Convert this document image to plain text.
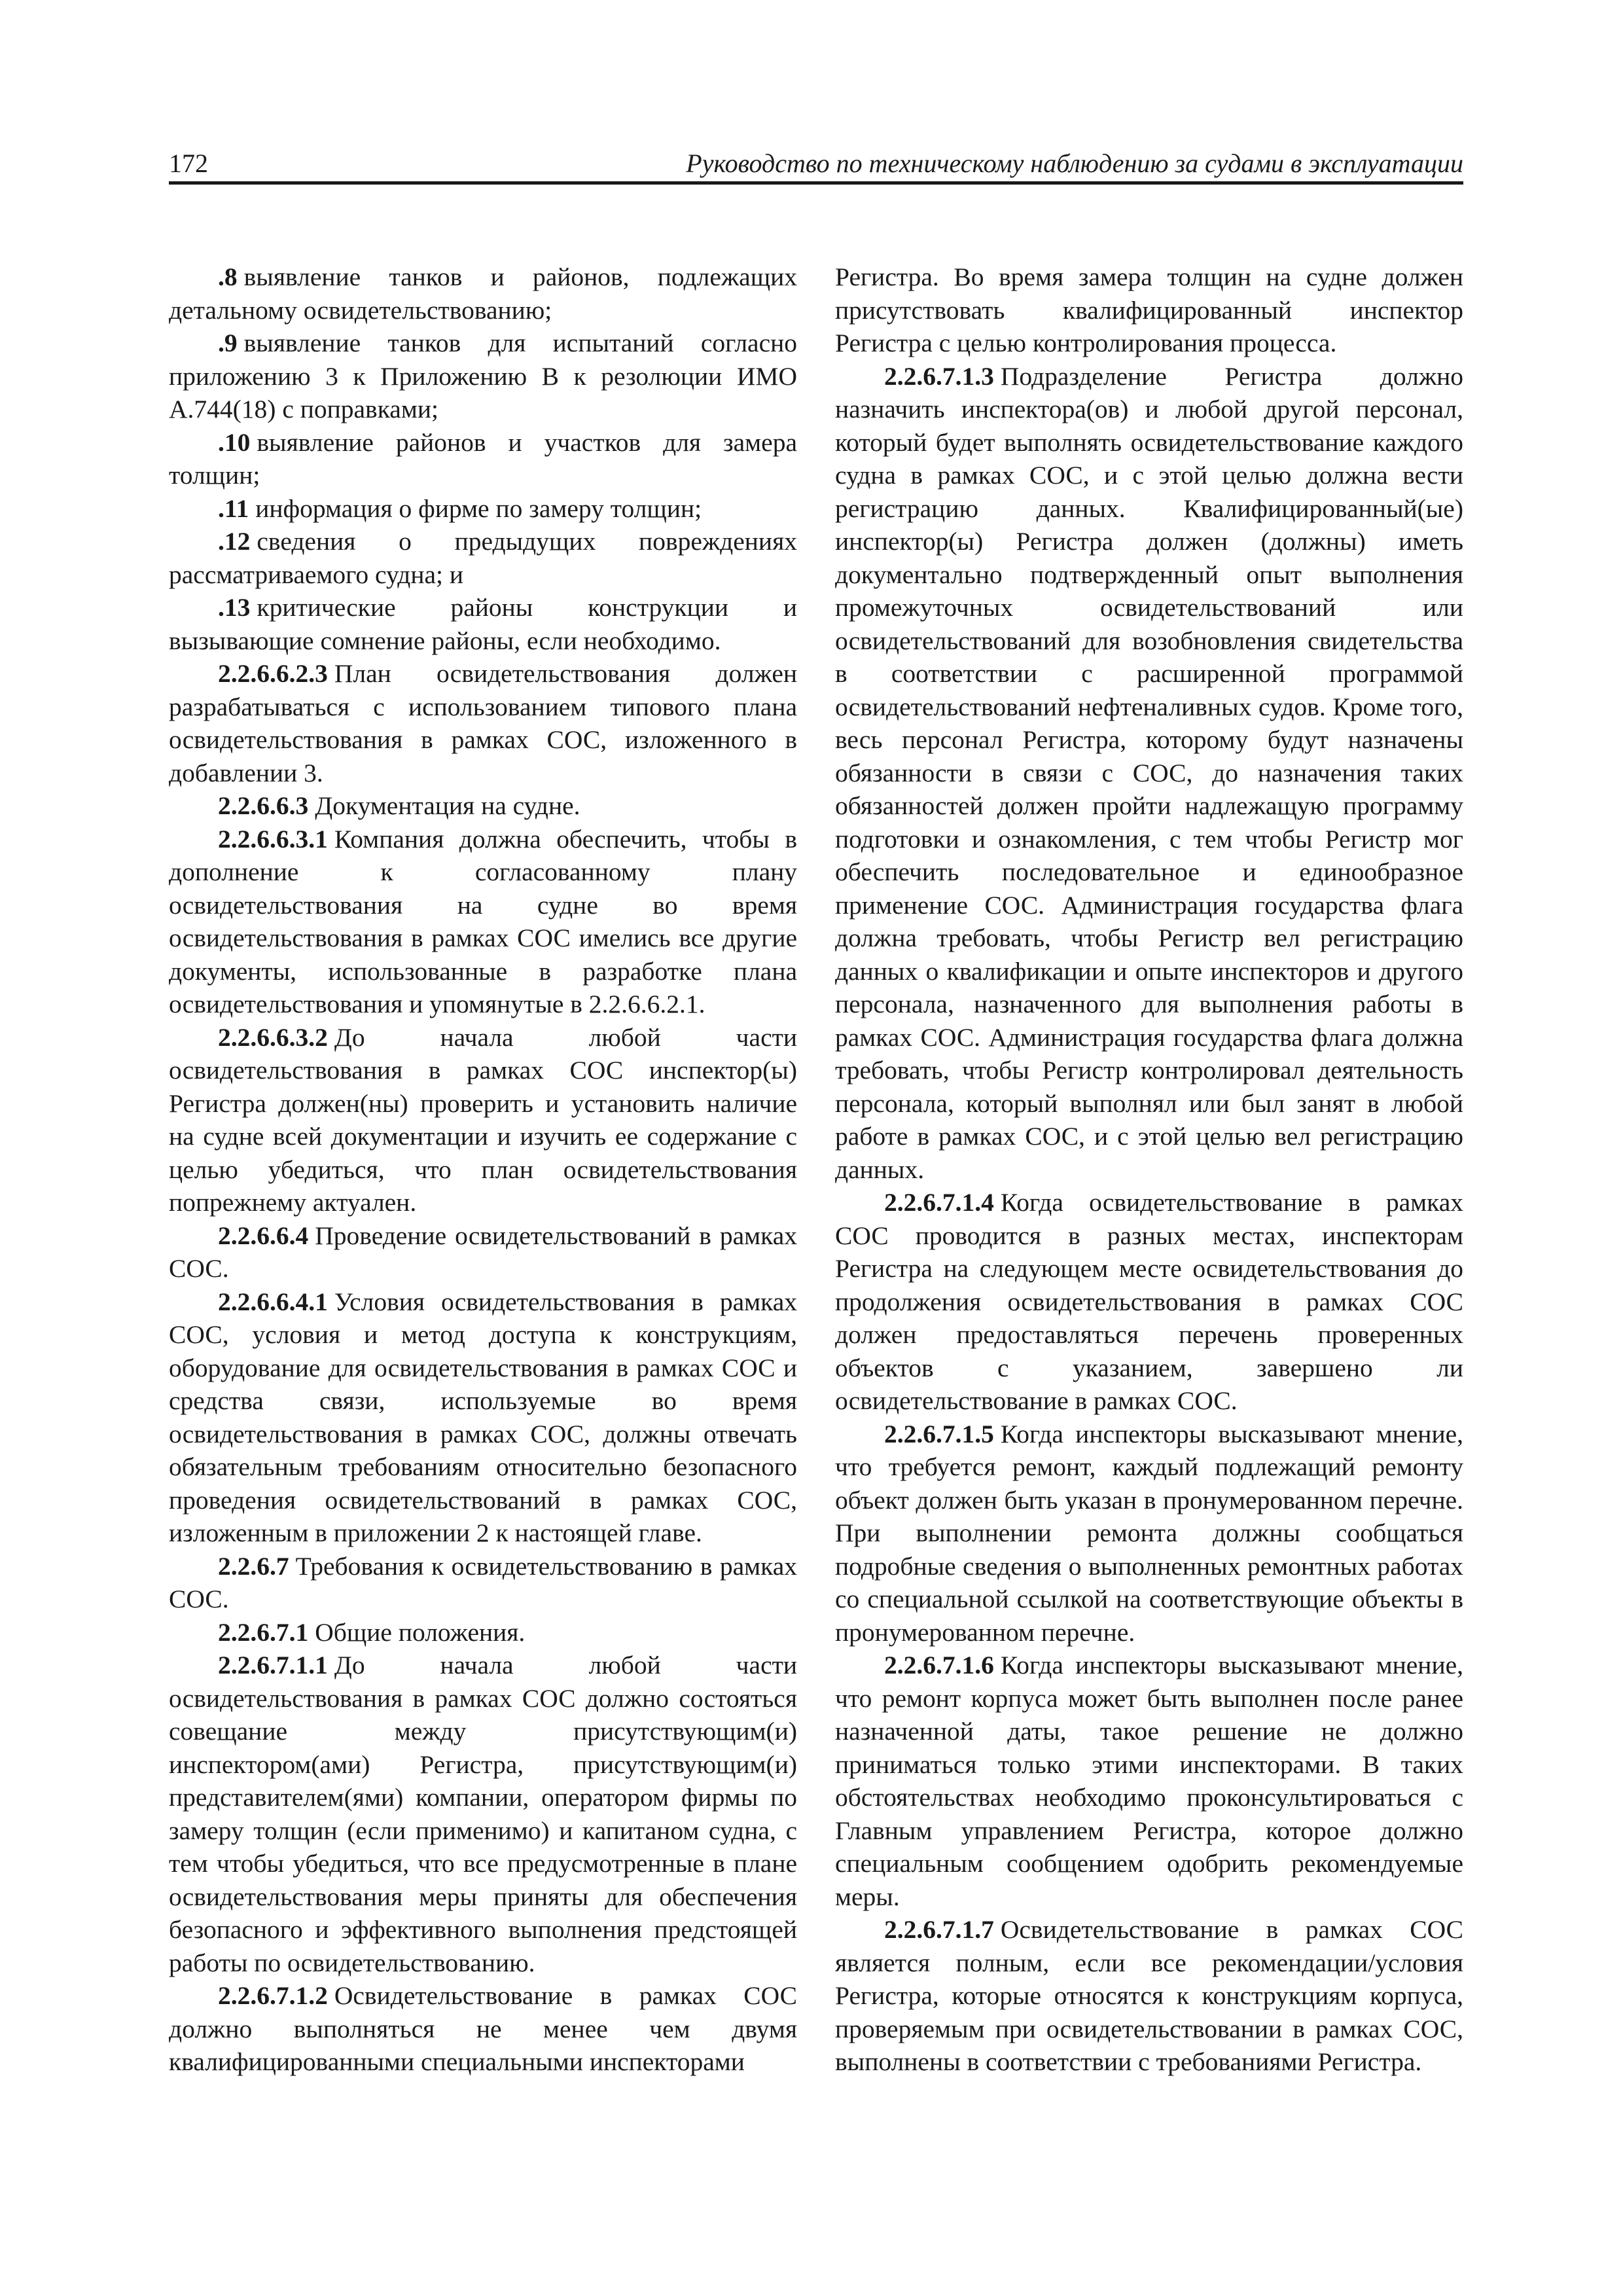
172	Руководство по техническому наблюдению за судами в эксплуатации

.8 выявление танков и районов, подлежащих детальному освидетельствованию;

.9 выявление танков для испытаний согласно приложению 3 к Приложению В к резолюции ИМО А.744(18) с поправками;

.10 выявление районов и участков для замера толщин;

.11 информация о фирме по замеру толщин;

.12 сведения о предыдущих повреждениях рассматриваемого судна; и

.13 критические районы конструкции и вызывающие сомнение районы, если необходимо.

2.2.6.6.2.3 План освидетельствования должен разрабатываться с использованием типового плана освидетельствования в рамках СОС, изложенного в добавлении 3.

2.2.6.6.3 Документация на судне.

2.2.6.6.3.1 Компания должна обеспечить, чтобы в дополнение к согласованному плану освидетельствования на судне во время освидетельствования в рамках СОС имелись все другие документы, использованные в разработке плана освидетельствования и упомянутые в 2.2.6.6.2.1.

2.2.6.6.3.2 До начала любой части освидетельствования в рамках СОС инспектор(ы) Регистра должен(ны) проверить и установить наличие на судне всей документации и изучить ее содержание с целью убедиться, что план освидетельствования попрежнему актуален.

2.2.6.6.4 Проведение освидетельствований в рамках СОС.

2.2.6.6.4.1 Условия освидетельствования в рамках СОС, условия и метод доступа к конструкциям, оборудование для освидетельствования в рамках СОС и средства связи, используемые во время освидетельствования в рамках СОС, должны отвечать обязательным требованиям относительно безопасного проведения освидетельствований в рамках СОС, изложенным в приложении 2 к настоящей главе.

2.2.6.7 Требования к освидетельствованию в рамках СОС.

2.2.6.7.1 Общие положения.

2.2.6.7.1.1 До начала любой части освидетельствования в рамках СОС должно состояться совещание между присутствующим(и) инспектором(ами) Регистра, присутствующим(и) представителем(ями) компании, оператором фирмы по замеру толщин (если применимо) и капитаном судна, с тем чтобы убедиться, что все предусмотренные в плане освидетельствования меры приняты для обеспечения безопасного и эффективного выполнения предстоящей работы по освидетельствованию.

2.2.6.7.1.2 Освидетельствование в рамках СОС должно выполняться не менее чем двумя квалифицированными специальными инспекторами

Регистра. Во время замера толщин на судне должен присутствовать квалифицированный инспектор Регистра с целью контролирования процесса.

2.2.6.7.1.3 Подразделение Регистра должно назначить инспектора(ов) и любой другой персонал, который будет выполнять освидетельствование каждого судна в рамках СОС, и с этой целью должна вести регистрацию данных. Квалифицированный(ые) инспектор(ы) Регистра должен (должны) иметь документально подтвержденный опыт выполнения промежуточных освидетельствований или освидетельствований для возобновления свидетельства в соответствии с расширенной программой освидетельствований нефтеналивных судов. Кроме того, весь персонал Регистра, которому будут назначены обязанности в связи с СОС, до назначения таких обязанностей должен пройти надлежащую программу подготовки и ознакомления, с тем чтобы Регистр мог обеспечить последовательное и единообразное применение СОС. Администрация государства флага должна требовать, чтобы Регистр вел регистрацию данных о квалификации и опыте инспекторов и другого персонала, назначенного для выполнения работы в рамках СОС. Администрация государства флага должна требовать, чтобы Регистр контролировал деятельность персонала, который выполнял или был занят в любой работе в рамках СОС, и с этой целью вел регистрацию данных.

2.2.6.7.1.4 Когда освидетельствование в рамках СОС проводится в разных местах, инспекторам Регистра на следующем месте освидетельствования до продолжения освидетельствования в рамках СОС должен предоставляться перечень проверенных объектов с указанием, завершено ли освидетельствование в рамках СОС.

2.2.6.7.1.5 Когда инспекторы высказывают мнение, что требуется ремонт, каждый подлежащий ремонту объект должен быть указан в пронумерованном перечне. При выполнении ремонта должны сообщаться подробные сведения о выполненных ремонтных работах со специальной ссылкой на соответствующие объекты в пронумерованном перечне.

2.2.6.7.1.6 Когда инспекторы высказывают мнение, что ремонт корпуса может быть выполнен после ранее назначенной даты, такое решение не должно приниматься только этими инспекторами. В таких обстоятельствах необходимо проконсультироваться с Главным управлением Регистра, которое должно специальным сообщением одобрить рекомендуемые меры.

2.2.6.7.1.7 Освидетельствование в рамках СОС является полным, если все рекомендации/условия Регистра, которые относятся к конструкциям корпуса, проверяемым при освидетельствовании в рамках СОС, выполнены в соответствии с требованиями Регистра.
